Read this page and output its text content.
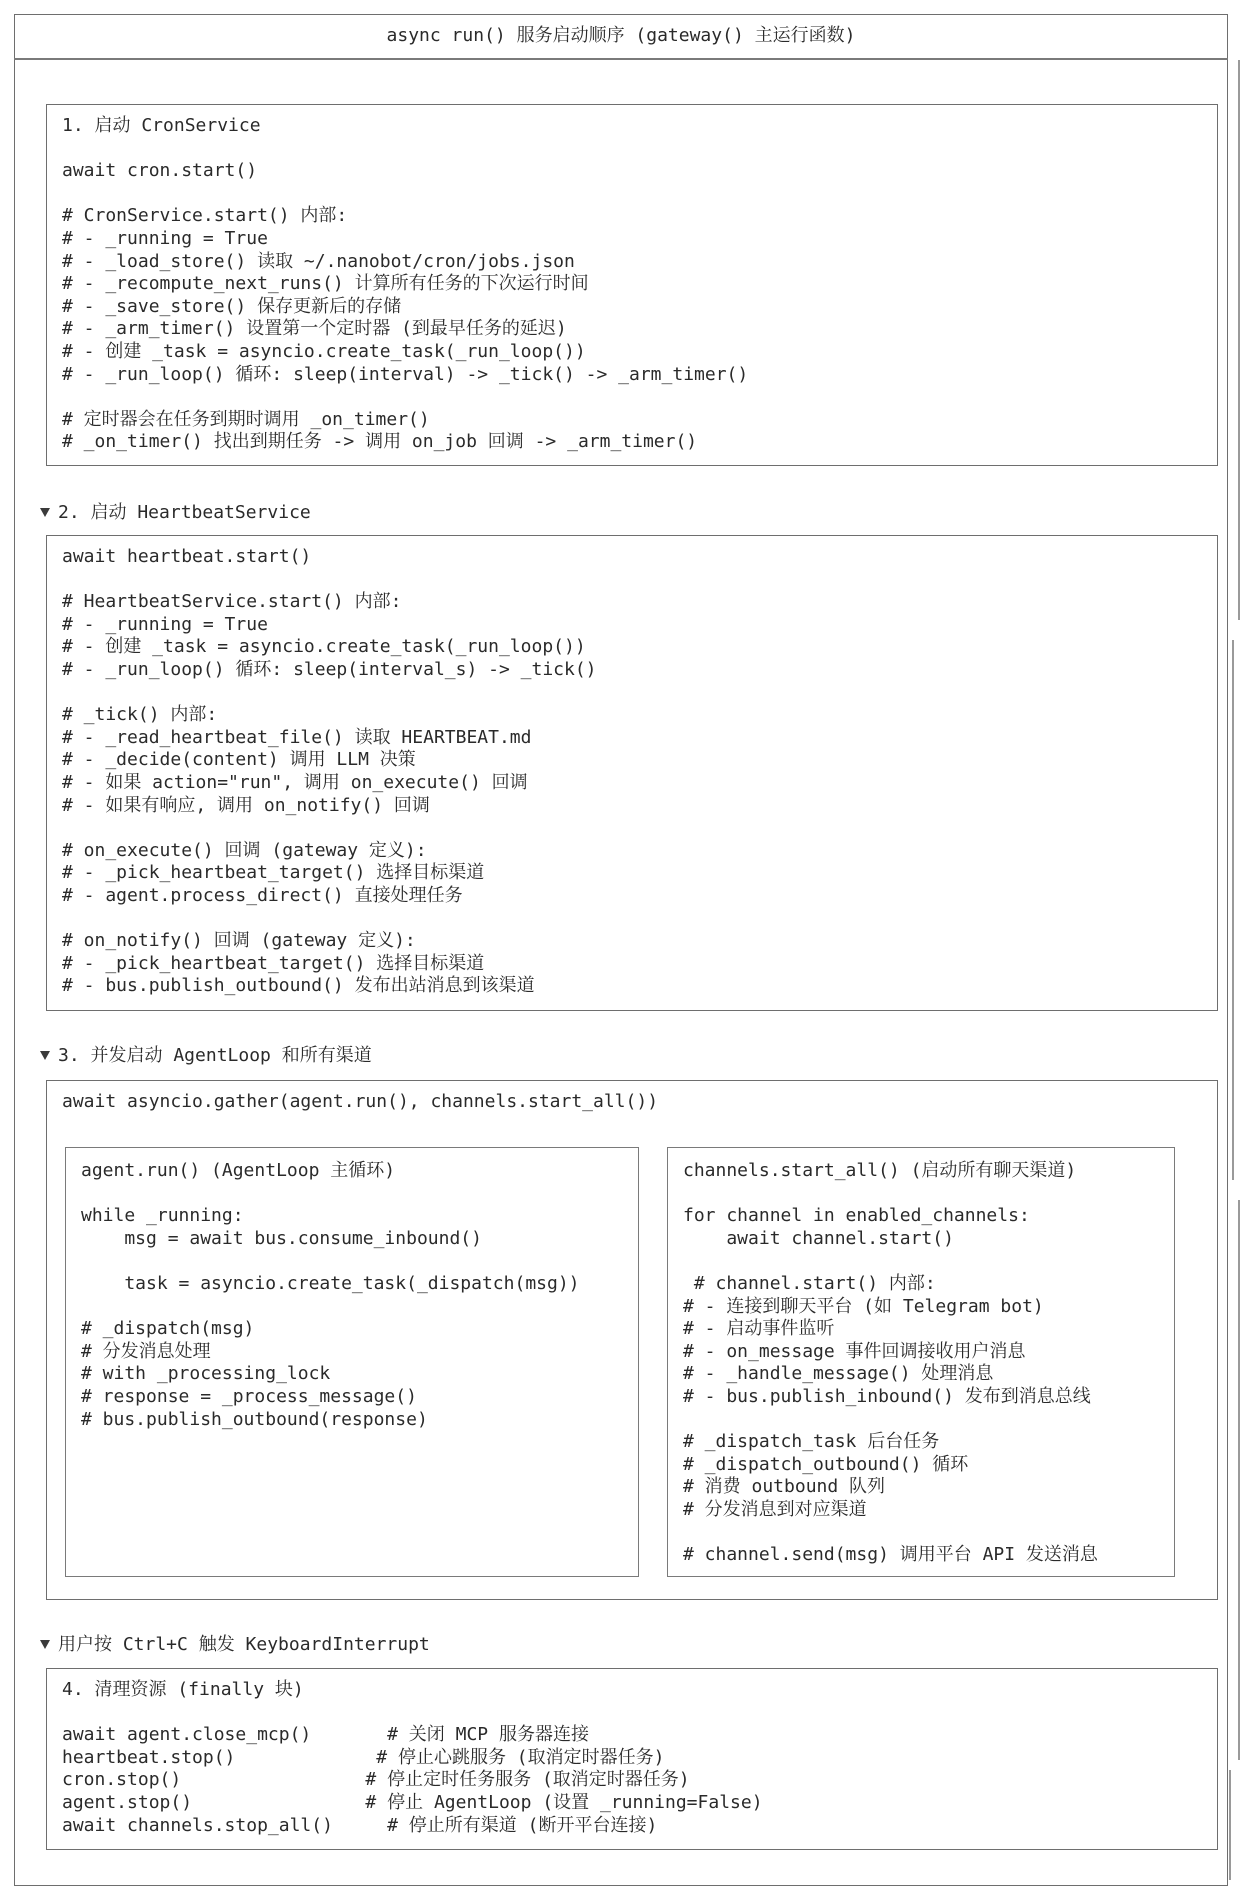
async run() 服务启动顺序 (gateway() 主运行函数)
1. 启动 CronService

await cron.start()

# CronService.start() 内部:
# - _running = True
# - _load_store() 读取 ~/.nanobot/cron/jobs.json
# - _recompute_next_runs() 计算所有任务的下次运行时间
# - _save_store() 保存更新后的存储
# - _arm_timer() 设置第一个定时器 (到最早任务的延迟)
# - 创建 _task = asyncio.create_task(_run_loop())
# - _run_loop() 循环: sleep(interval) -> _tick() -> _arm_timer()

# 定时器会在任务到期时调用 _on_timer()
# _on_timer() 找出到期任务 -> 调用 on_job 回调 -> _arm_timer()
2. 启动 HeartbeatService
await heartbeat.start()

# HeartbeatService.start() 内部:
# - _running = True
# - 创建 _task = asyncio.create_task(_run_loop())
# - _run_loop() 循环: sleep(interval_s) -> _tick()

# _tick() 内部:
# - _read_heartbeat_file() 读取 HEARTBEAT.md
# - _decide(content) 调用 LLM 决策
# - 如果 action="run", 调用 on_execute() 回调
# - 如果有响应, 调用 on_notify() 回调

# on_execute() 回调 (gateway 定义):
# - _pick_heartbeat_target() 选择目标渠道
# - agent.process_direct() 直接处理任务

# on_notify() 回调 (gateway 定义):
# - _pick_heartbeat_target() 选择目标渠道
# - bus.publish_outbound() 发布出站消息到该渠道
3. 并发启动 AgentLoop 和所有渠道
await asyncio.gather(agent.run(), channels.start_all())
agent.run() (AgentLoop 主循环)

while _running:
msg = await bus.consume_inbound()

task = asyncio.create_task(_dispatch(msg))

# _dispatch(msg)
# 分发消息处理
# with _processing_lock
# response = _process_message()
# bus.publish_outbound(response)
channels.start_all() (启动所有聊天渠道)

for channel in enabled_channels:
await channel.start()

# channel.start() 内部:
# - 连接到聊天平台 (如 Telegram bot)
# - 启动事件监听
# - on_message 事件回调接收用户消息
# - _handle_message() 处理消息
# - bus.publish_inbound() 发布到消息总线

# _dispatch_task 后台任务
# _dispatch_outbound() 循环
# 消费 outbound 队列
# 分发消息到对应渠道

# channel.send(msg) 调用平台 API 发送消息
用户按 Ctrl+C 触发 KeyboardInterrupt
4. 清理资源 (finally 块)

await agent.close_mcp()       # 关闭 MCP 服务器连接
heartbeat.stop()             # 停止心跳服务 (取消定时器任务)
cron.stop()                 # 停止定时任务服务 (取消定时器任务)
agent.stop()                # 停止 AgentLoop (设置 _running=False)
await channels.stop_all()     # 停止所有渠道 (断开平台连接)
